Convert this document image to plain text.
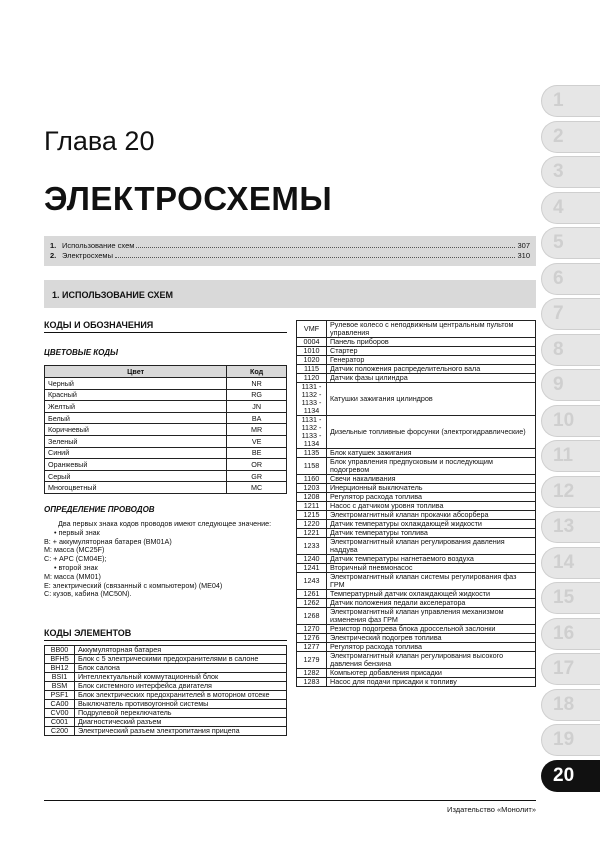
Глава 20
ЭЛЕКТРОСХЕМЫ
1. Использование схем	307
2. Электросхемы	310
1. ИСПОЛЬЗОВАНИЕ СХЕМ
КОДЫ И ОБОЗНАЧЕНИЯ
ЦВЕТОВЫЕ КОДЫ
Цвет	Код
Черный	NR
Красный	RG
Желтый	JN
Белый	BA
Коричневый	MR
Зеленый	VE
Синий	BE
Оранжевый	OR
Серый	GR
Многоцветный	MC
ОПРЕДЕЛЕНИЕ ПРОВОДОВ
Два первых знака кодов проводов имеют следующее значение:
• первый знак
B: + аккумуляторная батарея (BM01A)
M: масса (MC25F)
C: + APC (CM04E);
• второй знак
M: масса (MM01)
E: электрический (связанный с компьютером) (ME04)
C: кузов, кабина (MC50N).
КОДЫ ЭЛЕМЕНТОВ
BB00	Аккумуляторная батарея
BFH5	Блок с 5 электрическими предохранителями в салоне
BH12	Блок салона
BSI1	Интеллектуальный коммутационный блок
BSM	Блок системного интерфейса двигателя
PSF1	Блок электрических предохранителей в моторном отсеке
CA00	Выключатель противоугонной системы
CV00	Подрулевой переключатель
C001	Диагностический разъем
C200	Электрический разъем электропитания прицепа
VMF	Рулевое колесо с неподвижным центральным пультом управления
0004	Панель приборов
1010	Стартер
1020	Генератор
1115	Датчик положения распределительного вала
1120	Датчик фазы цилиндра
1131 - 1132 - 1133 - 1134	Катушки зажигания цилиндров
1131 - 1132 - 1133 - 1134	Дизельные топливные форсунки (электрогидравлические)
1135	Блок катушек зажигания
1158	Блок управления предпусковым и последующим подогревом
1160	Свечи накаливания
1203	Инерционный выключатель
1208	Регулятор расхода топлива
1211	Насос с датчиком уровня топлива
1215	Электромагнитный клапан прокачки абсорбера
1220	Датчик температуры охлаждающей жидкости
1221	Датчик температуры топлива
1233	Электромагнитный клапан регулирования давления наддува
1240	Датчик температуры нагнетаемого воздуха
1241	Вторичный пневмонасос
1243	Электромагнитный клапан системы регулирования фаз ГРМ
1261	Температурный датчик охлаждающей жидкости
1262	Датчик положения педали акселератора
1268	Электромагнитный клапан управления механизмом изменения фаз ГРМ
1270	Резистор подогрева блока дроссельной заслонки
1276	Электрический подогрев топлива
1277	Регулятор расхода топлива
1279	Электромагнитный клапан регулирования высокого давления бензина
1282	Компьютер добавления присадки
1283	Насос для подачи присадки к топливу
Издательство «Монолит»
1
2
3
4
5
6
7
8
9
10
11
12
13
14
15
16
17
18
19
20
